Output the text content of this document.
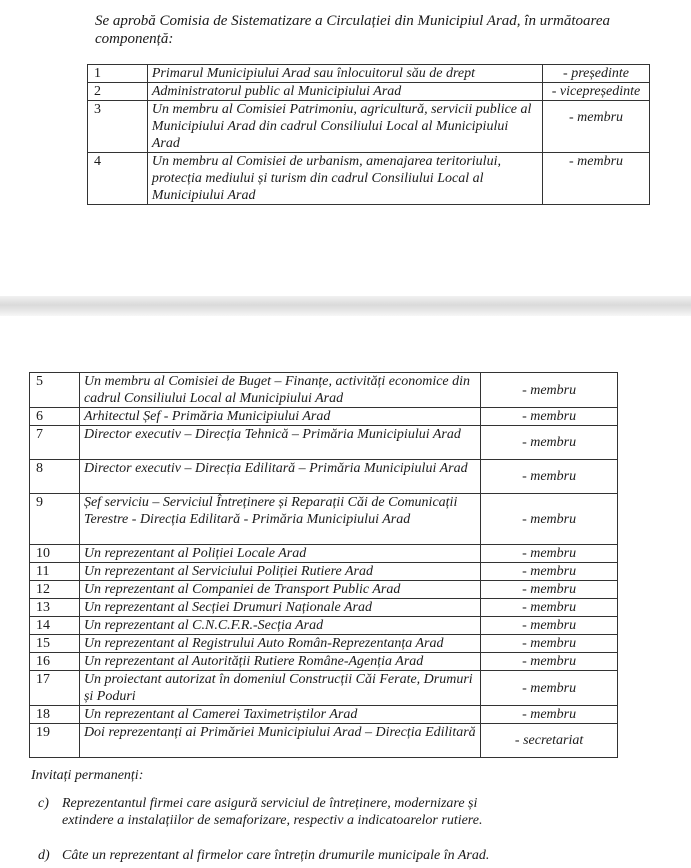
Se aprobă Comisia de Sistematizare a Circulației din Municipiul Arad, în următoarea componență:
1	Primarul Municipiului Arad sau înlocuitorul său de drept	- președinte
2	Administratorul public al Municipiului Arad	- vicepreședinte
3	Un membru al Comisiei Patrimoniu, agricultură, servicii publice al Municipiului Arad din cadrul Consiliului Local al Municipiului Arad	- membru
4	Un membru al Comisiei de urbanism, amenajarea teritoriului, protecția mediului și turism din cadrul Consiliului Local al Municipiului Arad	- membru
5	Un membru al Comisiei de Buget – Finanțe, activități economice din cadrul Consiliului Local al Municipiului Arad	- membru
6	Arhitectul Șef - Primăria Municipiului Arad	- membru
7	Director executiv – Direcția Tehnică – Primăria Municipiului Arad	- membru
8	Director executiv – Direcția Edilitară – Primăria Municipiului Arad	- membru
9	Șef serviciu – Serviciul Întreținere și Reparații Căi de Comunicații Terestre - Direcția Edilitară - Primăria Municipiului Arad	- membru
10	Un reprezentant al Poliției Locale Arad	- membru
11	Un reprezentant al Serviciului Poliției Rutiere Arad	- membru
12	Un reprezentant al Companiei de Transport Public Arad	- membru
13	Un reprezentant al Secției Drumuri Naționale Arad	- membru
14	Un reprezentant al C.N.C.F.R.-Secția Arad	- membru
15	Un reprezentant al Registrului Auto Român-Reprezentanța Arad	- membru
16	Un reprezentant al Autorității Rutiere Române-Agenția Arad	- membru
17	Un proiectant autorizat în domeniul Construcții Căi Ferate, Drumuri și Poduri	- membru
18	Un reprezentant al Camerei Taximetriștilor Arad	- membru
19	Doi reprezentanți ai Primăriei Municipiului Arad – Direcția Edilitară	- secretariat
Invitați permanenți:
c) Reprezentantul firmei care asigură serviciul de întreținere, modernizare și extindere a instalațiilor de semaforizare, respectiv a indicatoarelor rutiere.
d) Câte un reprezentant al firmelor care întrețin drumurile municipale în Arad.
